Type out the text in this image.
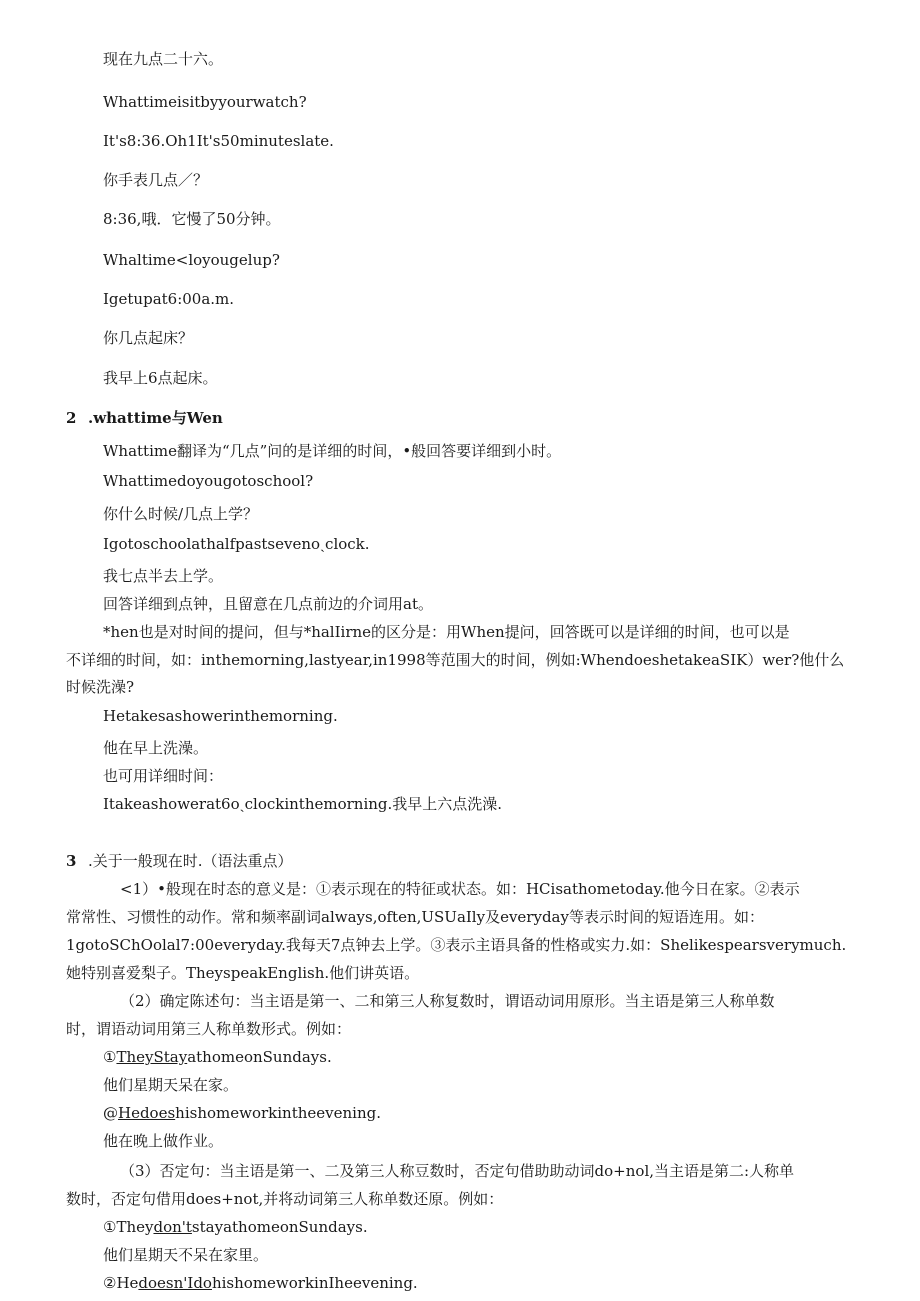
现在九点二十六。
Whattimeisitbyyourwatch?
It's8:36.Oh1It's50minuteslate.
你手表几点／？
8:36,哦．它慢了50分钟。
Whaltime<loyougelup?
Igetupat6:00a.m.
你几点起床？
我早上6点起床。
2 .whattime与Wen
Whattime翻译为“几点”问的是详细的时间，•般回答要详细到小时。
Whattimedoyougotoschool?
你什么时候/几点上学？
Igotoschoolathalfpastsevenoˏclock.
我七点半去上学。
回答详细到点钟，且留意在几点前边的介词用at。
*hen也是对时间的提问，但与*halIirne的区分是：用When提问，回答既可以是详细的时间，也可以是
不详细的时间，如：inthemorning,lastyear,in1998等范围大的时间，例如:WhendoeshetakeaSIK）wer?他什么
时候洗澡?
Hetakesashowerinthemorning.
他在早上洗澡。
也可用详细时间：
Itakeashowerat6oˏclockinthemorning.我早上六点洗澡.
3 .关于一般现在时.（语法重点）
<1）•般现在时态的意义是：①表示现在的特征或状态。如：HCisathometoday.他今日在家。②表示
常常性、习惯性的动作。常和频率副词always,often,USUaIly及everyday等表示时间的短语连用。如：
1gotoSChOolal7:00everyday.我每天7点钟去上学。③表示主语具备的性格或实力.如：Shelikespearsverymuch.
她特别喜爱梨子。TheyspeakEnglish.他们讲英语。
（2）确定陈述句：当主语是第一、二和第三人称复数时，谓语动词用原形。当主语是第三人称单数
时，谓语动词用第三人称单数形式。例如：
①TheyStayathomeonSundays.
他们星期天呆在家。
@Hedoeshishomeworkintheevening.
他在晚上做作业。
（3）否定句：当主语是第一、二及第三人称豆数时，否定句借助助动词do+nol,当主语是第二:人称单
数时，否定句借用does+not,并将动词第三人称单数还原。例如：
①Theydon'tstayathomeonSundays.
他们星期天不呆在家里。
②Hedoesn'IdohishomeworkinIheevening.
